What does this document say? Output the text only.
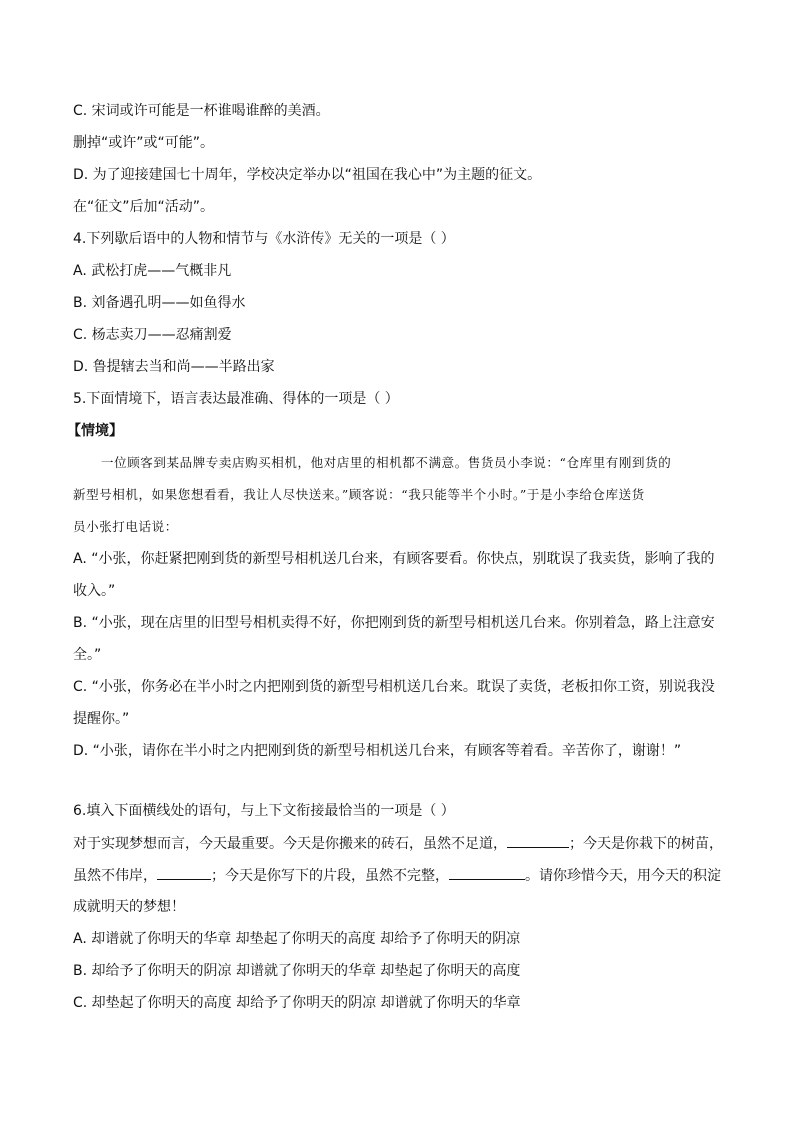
C. 宋词或许可能是一杯谁喝谁醉的美酒。
删掉“或许”或“可能”。
D. 为了迎接建国七十周年，学校决定举办以“祖国在我心中”为主题的征文。
在“征文”后加“活动”。
4.下列歇后语中的人物和情节与《水浒传》无关的一项是（ ）
A. 武松打虎——气概非凡
B. 刘备遇孔明——如鱼得水
C. 杨志卖刀——忍痛割爱
D. 鲁提辖去当和尚——半路出家
5.下面情境下，语言表达最准确、得体的一项是（ ）
【情境】
一位顾客到某品牌专卖店购买相机，他对店里的相机都不满意。售货员小李说：“仓库里有刚到货的
新型号相机，如果您想看看，我让人尽快送来。”顾客说：“我只能等半个小时。”于是小李给仓库送货
员小张打电话说：
A. “小张，你赶紧把刚到货的新型号相机送几台来，有顾客要看。你快点，别耽误了我卖货，影响了我的
收入。”
B. “小张，现在店里的旧型号相机卖得不好，你把刚到货的新型号相机送几台来。你别着急，路上注意安
全。”
C. “小张，你务必在半小时之内把刚到货的新型号相机送几台来。耽误了卖货，老板扣你工资，别说我没
提醒你。”
D. “小张，请你在半小时之内把刚到货的新型号相机送几台来，有顾客等着看。辛苦你了，谢谢！”
6.填入下面横线处的语句，与上下文衔接最恰当的一项是（ ）
对于实现梦想而言，今天最重要。今天是你搬来的砖石，虽然不足道，	；今天是你栽下的树苗，
虽然不伟岸，	；今天是你写下的片段，虽然不完整，	。请你珍惜今天，用今天的积淀
成就明天的梦想！
A. 却谱就了你明天的华章 却垫起了你明天的高度 却给予了你明天的阴凉
B. 却给予了你明天的阴凉 却谱就了你明天的华章 却垫起了你明天的高度
C. 却垫起了你明天的高度 却给予了你明天的阴凉 却谱就了你明天的华章
